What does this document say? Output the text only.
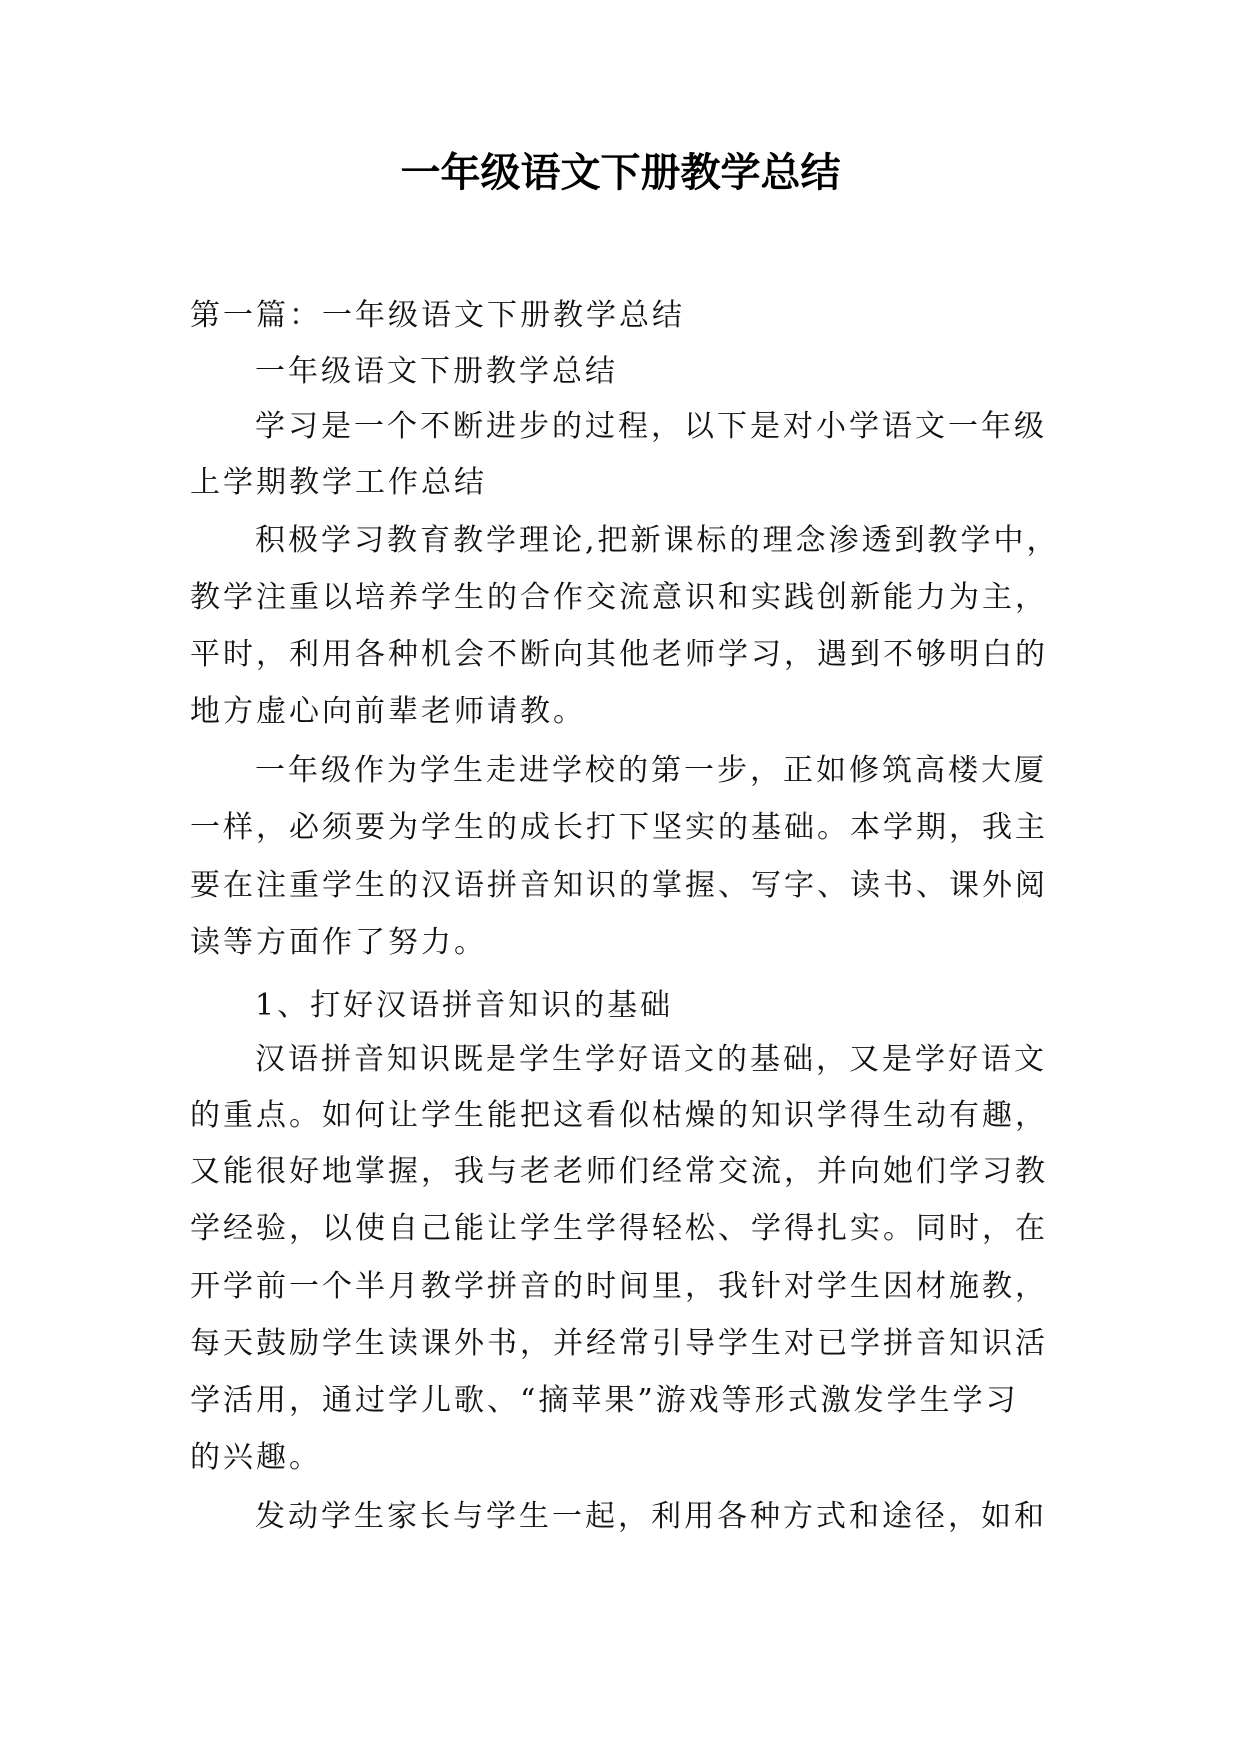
一年级语文下册教学总结
第一篇：一年级语文下册教学总结
一年级语文下册教学总结
学习是一个不断进步的过程，以下是对小学语文一年级
上学期教学工作总结
积极学习教育教学理论,把新课标的理念渗透到教学中，
教学注重以培养学生的合作交流意识和实践创新能力为主，
平时，利用各种机会不断向其他老师学习，遇到不够明白的
地方虚心向前辈老师请教。
一年级作为学生走进学校的第一步，正如修筑高楼大厦
一样，必须要为学生的成长打下坚实的基础。本学期，我主
要在注重学生的汉语拼音知识的掌握、写字、读书、课外阅
读等方面作了努力。
1、打好汉语拼音知识的基础
汉语拼音知识既是学生学好语文的基础，又是学好语文
的重点。如何让学生能把这看似枯燥的知识学得生动有趣，
又能很好地掌握，我与老老师们经常交流，并向她们学习教
学经验，以使自己能让学生学得轻松、学得扎实。同时，在
开学前一个半月教学拼音的时间里，我针对学生因材施教，
每天鼓励学生读课外书，并经常引导学生对已学拼音知识活
学活用，通过学儿歌、“摘苹果”游戏等形式激发学生学习
的兴趣。
发动学生家长与学生一起，利用各种方式和途径，如和
